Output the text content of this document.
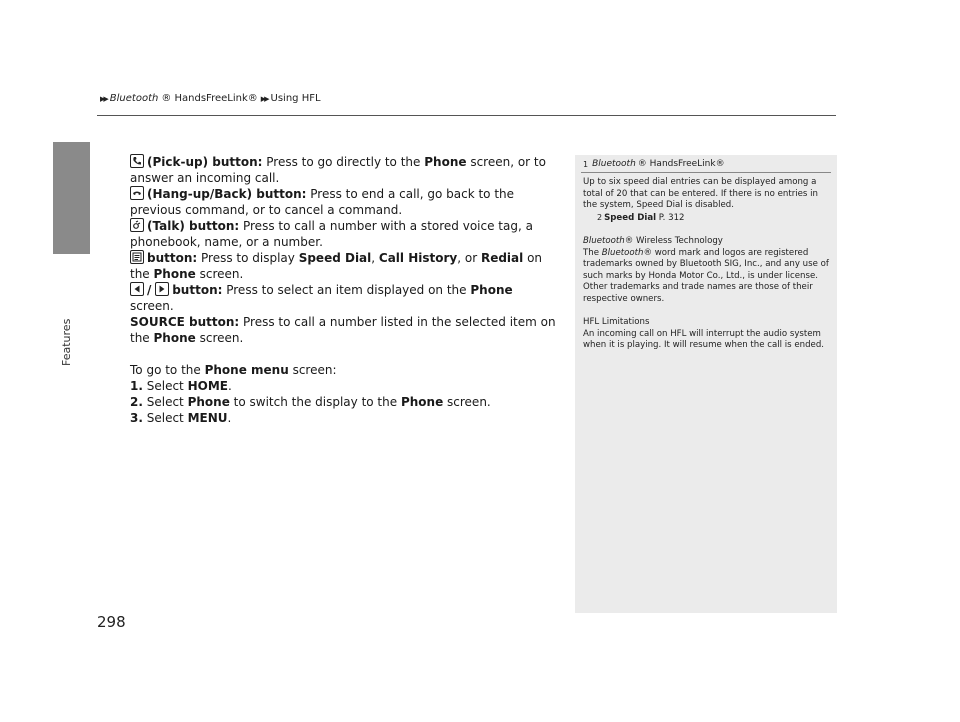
▶▶ Bluetooth ® HandsFreeLink® ▶▶ Using HFL
Features

(Pick-up) button: Press to go directly to the Phone screen, or to answer an incoming call.

(Hang-up/Back) button: Press to end a call, go back to the previous command, or to cancel a command.

(Talk) button: Press to call a number with a stored voice tag, a phonebook, name, or a number.

button: Press to display Speed Dial, Call History, or Redial on the Phone screen.

/ button: Press to select an item displayed on the Phone screen.

SOURCE button: Press to call a number listed in the selected item on the Phone screen.

To go to the Phone menu screen:

1. Select HOME.

2. Select Phone to switch the display to the Phone screen.

3. Select MENU.

1 Bluetooth ® HandsFreeLink®

Up to six speed dial entries can be displayed among a total of 20 that can be entered. If there is no entries in the system, Speed Dial is disabled.

2 Speed Dial P. 312

Bluetooth® Wireless Technology

The Bluetooth® word mark and logos are registered trademarks owned by Bluetooth SIG, Inc., and any use of such marks by Honda Motor Co., Ltd., is under license. Other trademarks and trade names are those of their respective owners.

HFL Limitations

An incoming call on HFL will interrupt the audio system when it is playing. It will resume when the call is ended.

298
